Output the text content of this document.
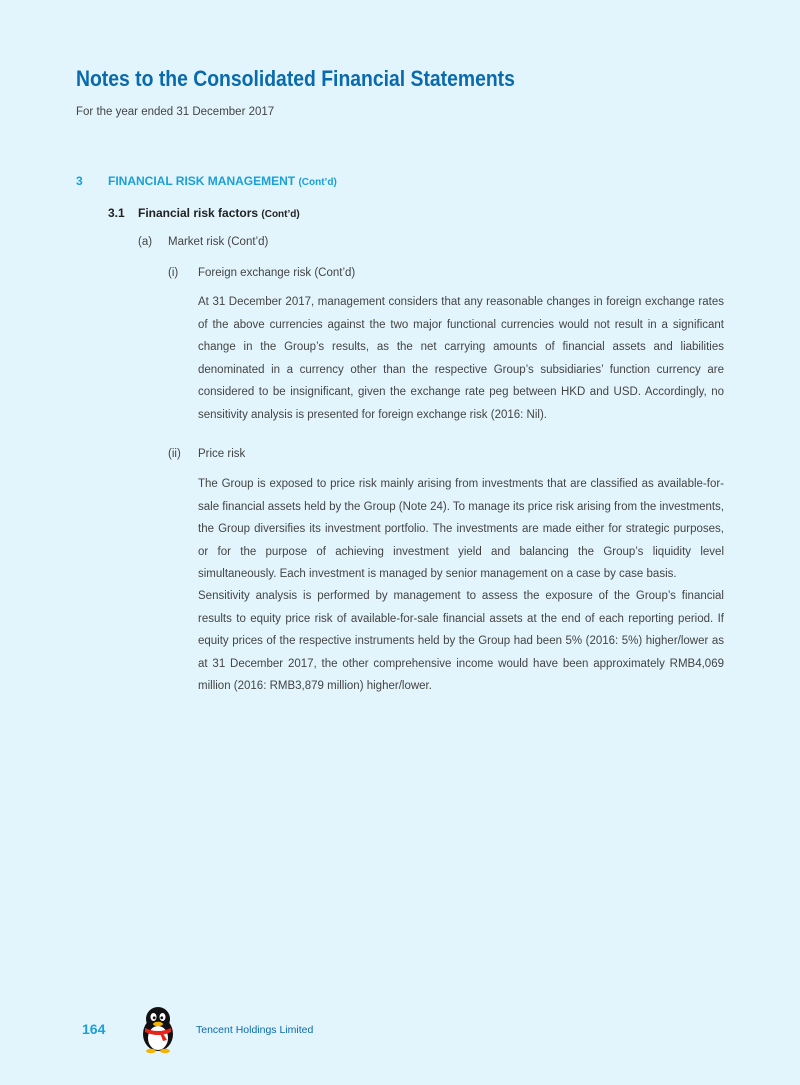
Notes to the Consolidated Financial Statements
For the year ended 31 December 2017
3 FINANCIAL RISK MANAGEMENT (Cont’d)
3.1 Financial risk factors (Cont’d)
(a) Market risk (Cont’d)
(i) Foreign exchange risk (Cont’d)

At 31 December 2017, management considers that any reasonable changes in foreign exchange rates of the above currencies against the two major functional currencies would not result in a significant change in the Group’s results, as the net carrying amounts of financial assets and liabilities denominated in a currency other than the respective Group’s subsidiaries’ function currency are considered to be insignificant, given the exchange rate peg between HKD and USD. Accordingly, no sensitivity analysis is presented for foreign exchange risk (2016: Nil).

(ii) Price risk

The Group is exposed to price risk mainly arising from investments that are classified as available-for-sale financial assets held by the Group (Note 24). To manage its price risk arising from the investments, the Group diversifies its investment portfolio. The investments are made either for strategic purposes, or for the purpose of achieving investment yield and balancing the Group’s liquidity level simultaneously. Each investment is managed by senior management on a case by case basis.

Sensitivity analysis is performed by management to assess the exposure of the Group’s financial results to equity price risk of available-for-sale financial assets at the end of each reporting period. If equity prices of the respective instruments held by the Group had been 5% (2016: 5%) higher/lower as at 31 December 2017, the other comprehensive income would have been approximately RMB4,069 million (2016: RMB3,879 million) higher/lower.

164	Tencent Holdings Limited
